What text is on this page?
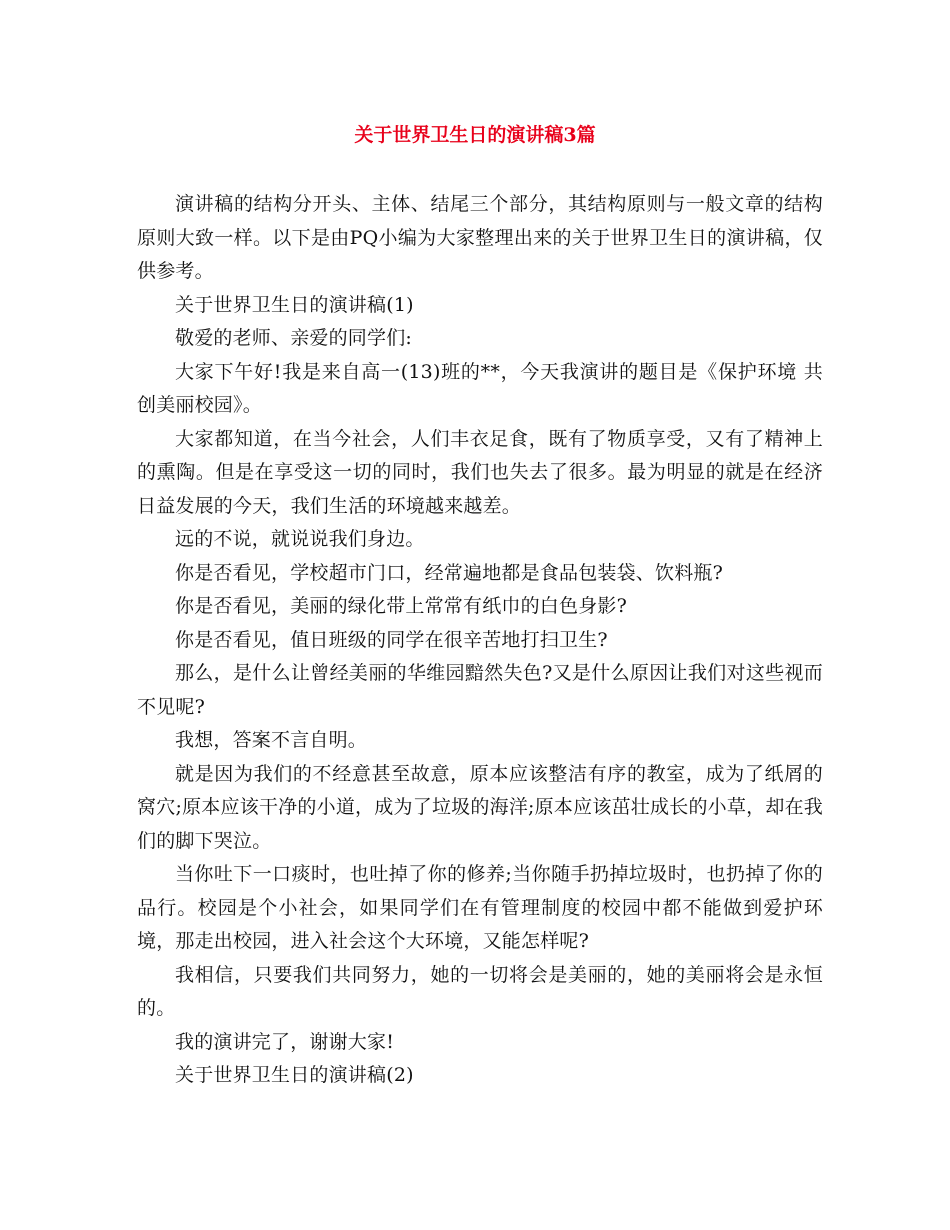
关于世界卫生日的演讲稿3篇

演讲稿的结构分开头、主体、结尾三个部分，其结构原则与一般文章的结构原则大致一样。以下是由PQ小编为大家整理出来的关于世界卫生日的演讲稿，仅供参考。

关于世界卫生日的演讲稿(1)

敬爱的老师、亲爱的同学们:

大家下午好!我是来自高一(13)班的**，今天我演讲的题目是《保护环境 共创美丽校园》。

大家都知道，在当今社会，人们丰衣足食，既有了物质享受，又有了精神上的熏陶。但是在享受这一切的同时，我们也失去了很多。最为明显的就是在经济日益发展的今天，我们生活的环境越来越差。

远的不说，就说说我们身边。

你是否看见，学校超市门口，经常遍地都是食品包装袋、饮料瓶?

你是否看见，美丽的绿化带上常常有纸巾的白色身影?

你是否看见，值日班级的同学在很辛苦地打扫卫生?

那么，是什么让曾经美丽的华维园黯然失色?又是什么原因让我们对这些视而不见呢?

我想，答案不言自明。

就是因为我们的不经意甚至故意，原本应该整洁有序的教室，成为了纸屑的窝穴;原本应该干净的小道，成为了垃圾的海洋;原本应该茁壮成长的小草，却在我们的脚下哭泣。

当你吐下一口痰时，也吐掉了你的修养;当你随手扔掉垃圾时，也扔掉了你的品行。校园是个小社会，如果同学们在有管理制度的校园中都不能做到爱护环境，那走出校园，进入社会这个大环境，又能怎样呢?

我相信，只要我们共同努力，她的一切将会是美丽的，她的美丽将会是永恒的。

我的演讲完了，谢谢大家!

关于世界卫生日的演讲稿(2)
